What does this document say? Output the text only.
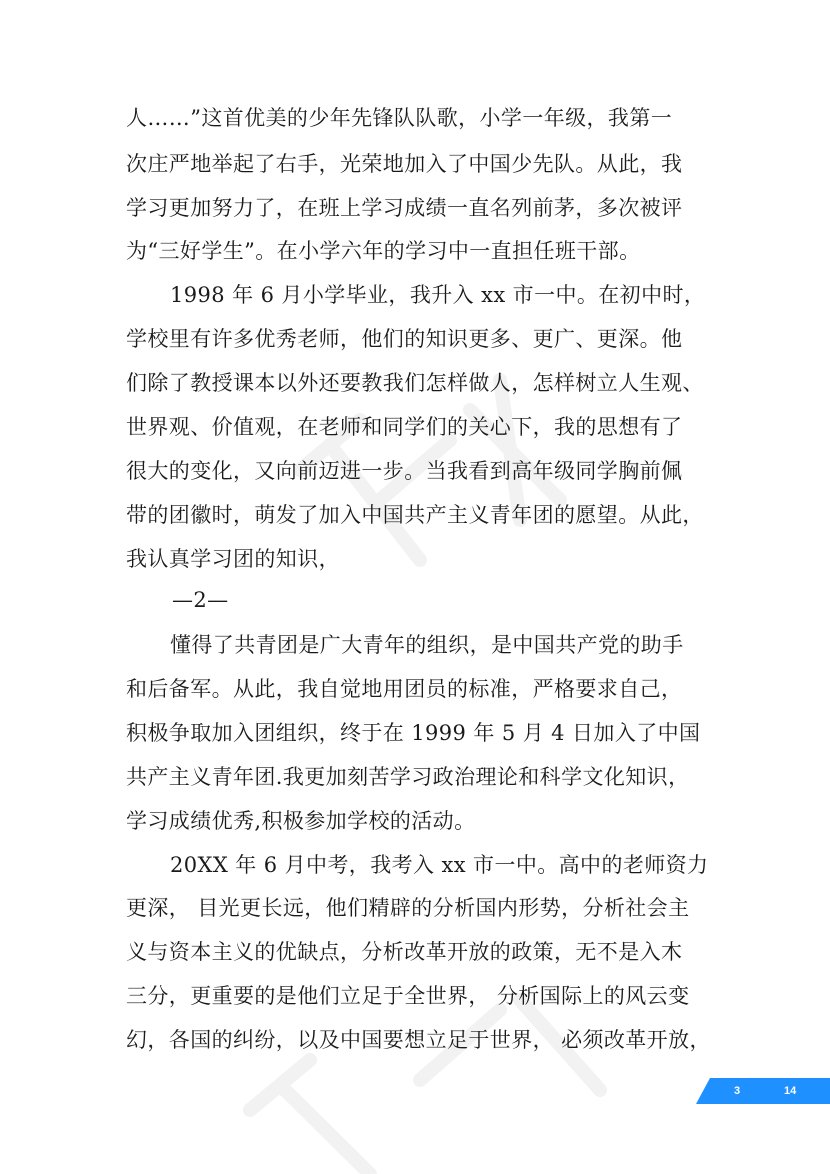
人……”这首优美的少年先锋队队歌，小学一年级，我第一

次庄严地举起了右手，光荣地加入了中国少先队。从此，我

学习更加努力了，在班上学习成绩一直名列前茅，多次被评

为“三好学生”。在小学六年的学习中一直担任班干部。

1998 年 6 月小学毕业，我升入 xx 市一中。在初中时，

学校里有许多优秀老师，他们的知识更多、更广、更深。他

们除了教授课本以外还要教我们怎样做人，怎样树立人生观、

世界观、价值观，在老师和同学们的关心下，我的思想有了

很大的变化，又向前迈进一步。当我看到高年级同学胸前佩

带的团徽时，萌发了加入中国共产主义青年团的愿望。从此，

我认真学习团的知识，

—2—

懂得了共青团是广大青年的组织，是中国共产党的助手

和后备军。从此，我自觉地用团员的标准，严格要求自己，

积极争取加入团组织，终于在 1999 年 5 月 4 日加入了中国

共产主义青年团.我更加刻苦学习政治理论和科学文化知识，

学习成绩优秀,积极参加学校的活动。

20XX 年 6 月中考，我考入 xx 市一中。高中的老师资力

更深， 目光更长远，他们精辟的分析国内形势，分析社会主

义与资本主义的优缺点，分析改革开放的政策，无不是入木

三分，更重要的是他们立足于全世界， 分析国际上的风云变

幻，各国的纠纷，以及中国要想立足于世界， 必须改革开放，

3	14
